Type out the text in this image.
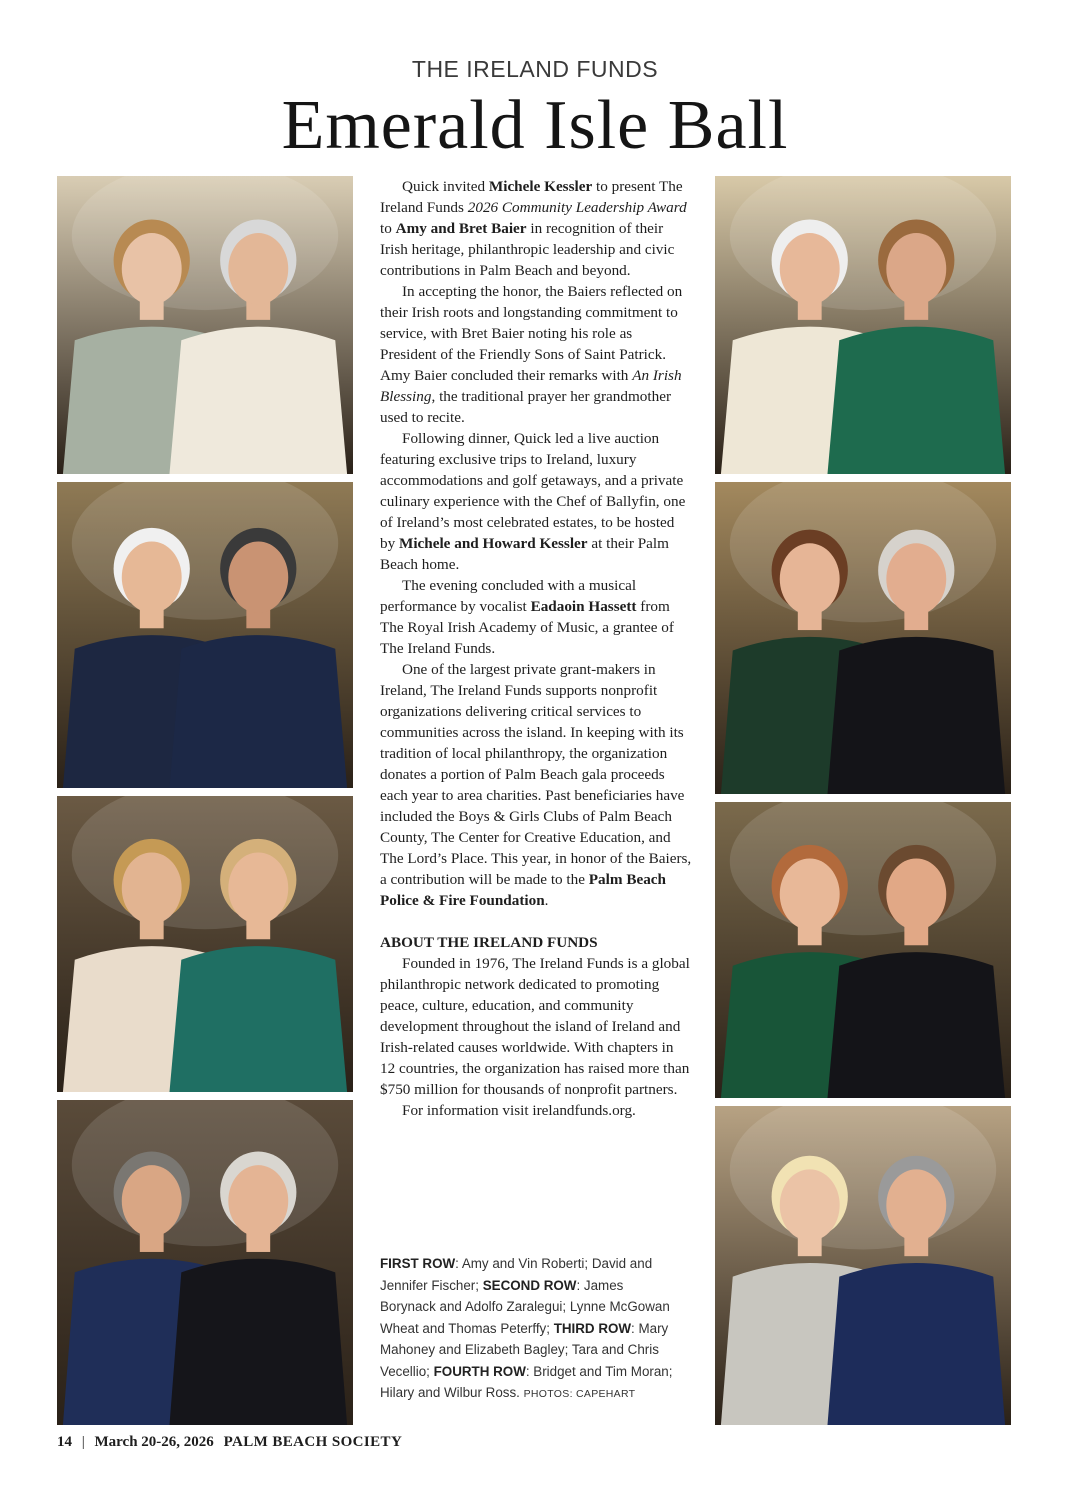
THE IRELAND FUNDS
Emerald Isle Ball

Quick invited Michele Kessler to present The Ireland Funds 2026 Community Leadership Award to Amy and Bret Baier in recognition of their Irish heritage, philanthropic leadership and civic contributions in Palm Beach and beyond.

In accepting the honor, the Baiers reflected on their Irish roots and longstanding commitment to service, with Bret Baier noting his role as President of the Friendly Sons of Saint Patrick. Amy Baier concluded their remarks with An Irish Blessing, the traditional prayer her grandmother used to recite.

Following dinner, Quick led a live auction featuring exclusive trips to Ireland, luxury accommodations and golf getaways, and a private culinary experience with the Chef of Ballyfin, one of Ireland’s most celebrated estates, to be hosted by Michele and Howard Kessler at their Palm Beach home.

The evening concluded with a musical performance by vocalist Eadaoin Hassett from The Royal Irish Academy of Music, a grantee of The Ireland Funds.

One of the largest private grant-makers in Ireland, The Ireland Funds supports nonprofit organizations delivering critical services to communities across the island. In keeping with its tradition of local philanthropy, the organization donates a portion of Palm Beach gala proceeds each year to area charities. Past beneficiaries have included the Boys & Girls Clubs of Palm Beach County, The Center for Creative Education, and The Lord’s Place. This year, in honor of the Baiers, a contribution will be made to the Palm Beach Police & Fire Foundation.

ABOUT THE IRELAND FUNDS

Founded in 1976, The Ireland Funds is a global philanthropic network dedicated to promoting peace, culture, education, and community development throughout the island of Ireland and Irish-related causes worldwide. With chapters in 12 countries, the organization has raised more than $750 million for thousands of nonprofit partners.

For information visit irelandfunds.org.

FIRST ROW: Amy and Vin Roberti; David and Jennifer Fischer; SECOND ROW: James Borynack and Adolfo Zaralegui; Lynne McGowan Wheat and Thomas Peterffy; THIRD ROW: Mary Mahoney and Elizabeth Bagley; Tara and Chris Vecellio; FOURTH ROW: Bridget and Tim Moran; Hilary and Wilbur Ross. PHOTOS: CAPEHART
14 | March 20-26, 2026 PALM BEACH SOCIETY
